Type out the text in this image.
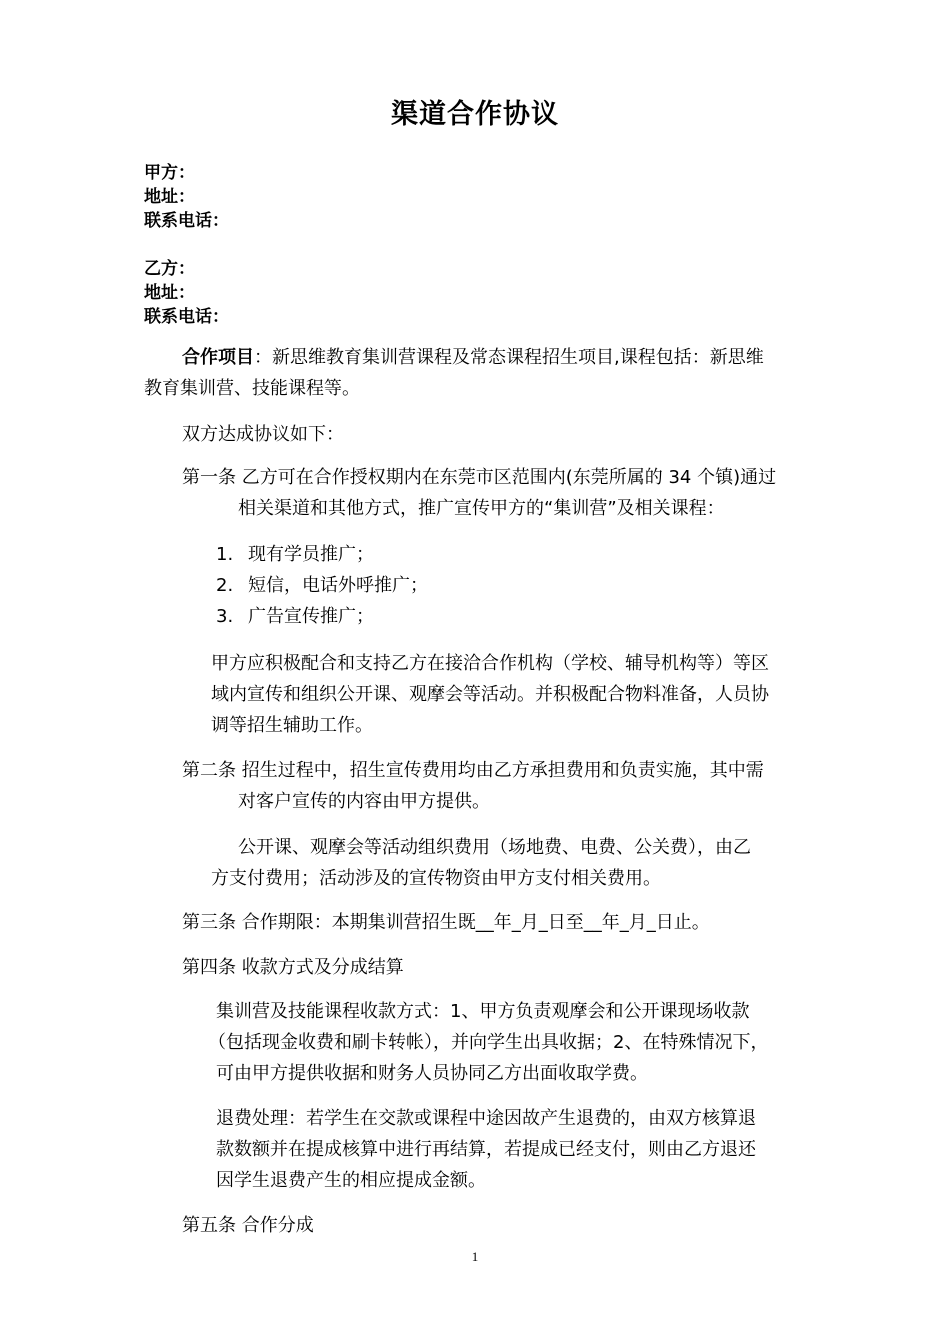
渠道合作协议
甲方：
地址：
联系电话：
乙方：
地址：
联系电话：
合作项目：新思维教育集训营课程及常态课程招生项目,课程包括：新思维
教育集训营、技能课程等。
双方达成协议如下：
第一条 乙方可在合作授权期内在东莞市区范围内(东莞所属的 34 个镇)通过
相关渠道和其他方式，推广宣传甲方的“集训营”及相关课程：
1. 现有学员推广；
2. 短信，电话外呼推广；
3. 广告宣传推广；
甲方应积极配合和支持乙方在接洽合作机构（学校、辅导机构等）等区
域内宣传和组织公开课、观摩会等活动。并积极配合物料准备，人员协
调等招生辅助工作。
第二条 招生过程中，招生宣传费用均由乙方承担费用和负责实施，其中需
对客户宣传的内容由甲方提供。
公开课、观摩会等活动组织费用（场地费、电费、公关费），由乙
方支付费用；活动涉及的宣传物资由甲方支付相关费用。
第三条 合作期限：本期集训营招生既__年_月_日至__年_月_日止。
第四条 收款方式及分成结算
集训营及技能课程收款方式：1、甲方负责观摩会和公开课现场收款
（包括现金收费和刷卡转帐），并向学生出具收据；2、在特殊情况下，
可由甲方提供收据和财务人员协同乙方出面收取学费。
退费处理：若学生在交款或课程中途因故产生退费的，由双方核算退
款数额并在提成核算中进行再结算，若提成已经支付，则由乙方退还
因学生退费产生的相应提成金额。
第五条 合作分成
1
